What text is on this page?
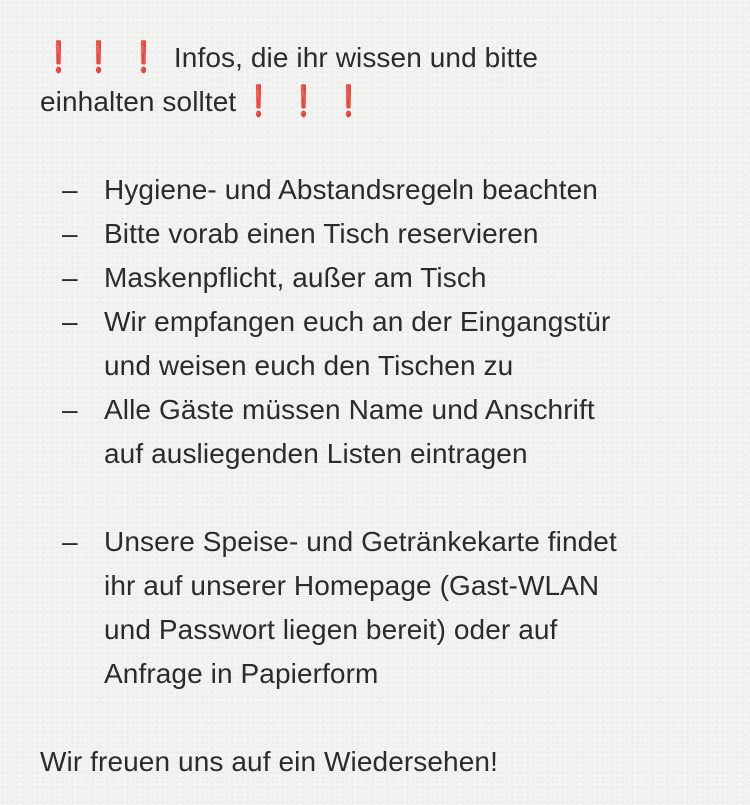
❗ ❗ ❗ Infos, die ihr wissen und bitte
einhalten solltet ❗ ❗ ❗

– Hygiene- und Abstandsregeln beachten
– Bitte vorab einen Tisch reservieren
– Maskenpflicht, außer am Tisch
– Wir empfangen euch an der Eingangstür
und weisen euch den Tischen zu
– Alle Gäste müssen Name und Anschrift
auf ausliegenden Listen eintragen
– Unsere Speise- und Getränkekarte findet
ihr auf unserer Homepage (Gast-WLAN
und Passwort liegen bereit) oder auf
Anfrage in Papierform

Wir freuen uns auf ein Wiedersehen!
